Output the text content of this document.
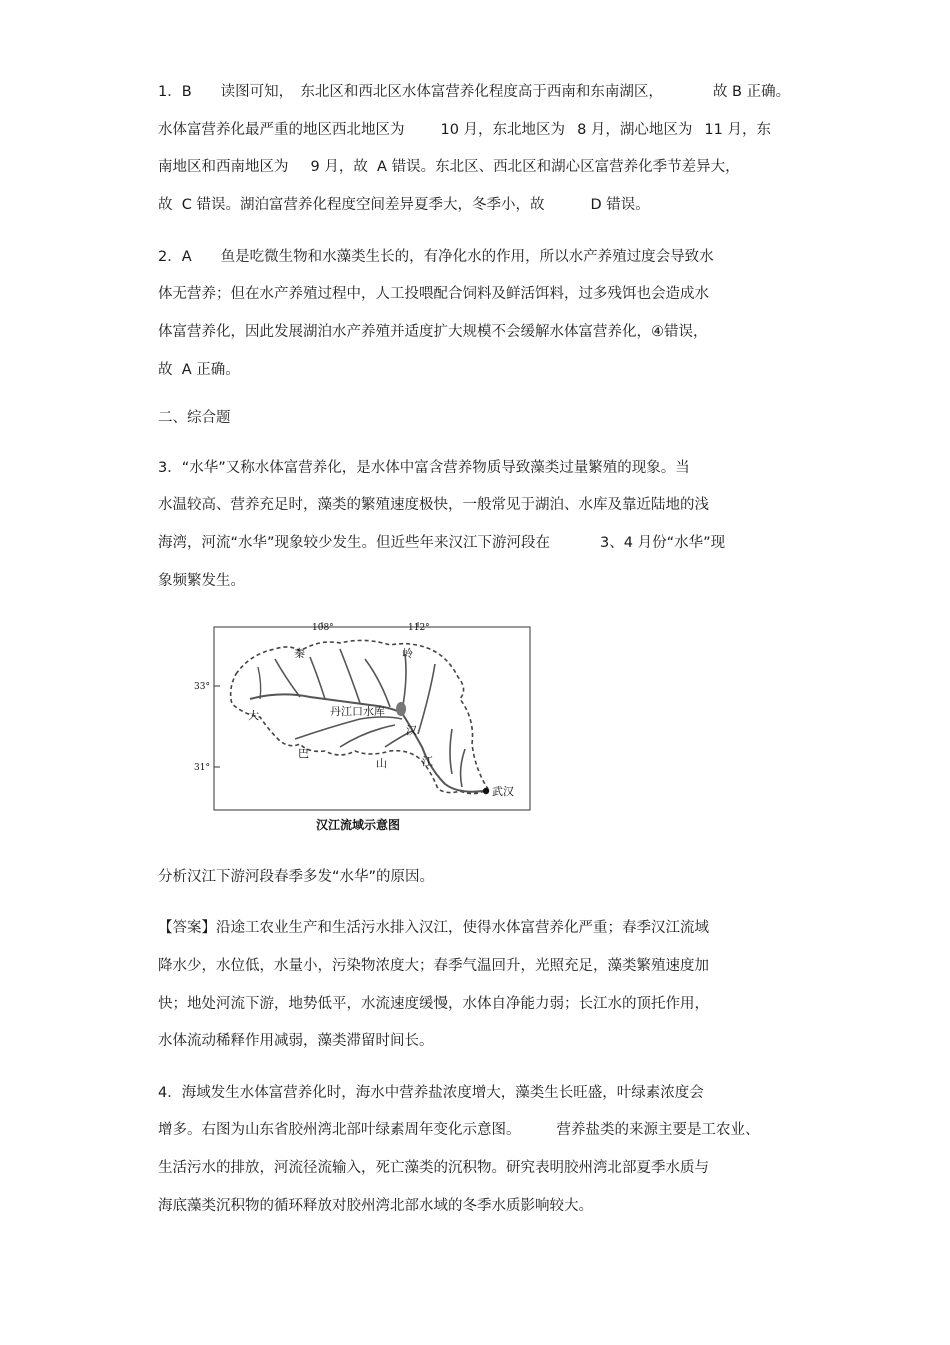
1．B　　读图可知，　东北区和西北区水体富营养化程度高于西南和东南湖区，	故 B 正确。
水体富营养化最严重的地区西北地区为 10 月，东北地区为 8 月，湖心地区为 11 月，东
南地区和西南地区为 9 月，故  A 错误。东北区、西北区和湖心区富营养化季节差异大，
故  C 错误。湖泊富营养化程度空间差异夏季大，冬季小，故	D 错误。
2．A　　鱼是吃微生物和水藻类生长的，有净化水的作用，所以水产养殖过度会导致水
体无营养；但在水产养殖过程中，人工投喂配合饲料及鲜活饵料，过多残饵也会造成水
体富营养化，因此发展湖泊水产养殖并适度扩大规模不会缓解水体富营养化，④错误，
故  A 正确。
二、综合题
3．“水华”又称水体富营养化，是水体中富含营养物质导致藻类过量繁殖的现象。当
水温较高、营养充足时，藻类的繁殖速度极快，一般常见于湖泊、水库及靠近陆地的浅
海湾，河流“水华”现象较少发生。但近些年来汉江下游河段在	3、4 月份“水华”现
象频繁发生。
108°	112°
33°
31°
秦	岭
大
巴
山
汉
江
丹江口水库
武汉
汉江流域示意图
分析汉江下游河段春季多发“水华”的原因。
【答案】沿途工农业生产和生活污水排入汉江，使得水体富营养化严重；春季汉江流域
降水少，水位低，水量小，污染物浓度大；春季气温回升，光照充足，藻类繁殖速度加
快；地处河流下游，地势低平，水流速度缓慢，水体自净能力弱；长江水的顶托作用，
水体流动稀释作用减弱，藻类滞留时间长。
4．海域发生水体富营养化时，海水中营养盐浓度增大，藻类生长旺盛，叶绿素浓度会
增多。右图为山东省胶州湾北部叶绿素周年变化示意图。 营养盐类的来源主要是工农业、
生活污水的排放，河流径流输入，死亡藻类的沉积物。研究表明胶州湾北部夏季水质与
海底藻类沉积物的循环释放对胶州湾北部水域的冬季水质影响较大。
